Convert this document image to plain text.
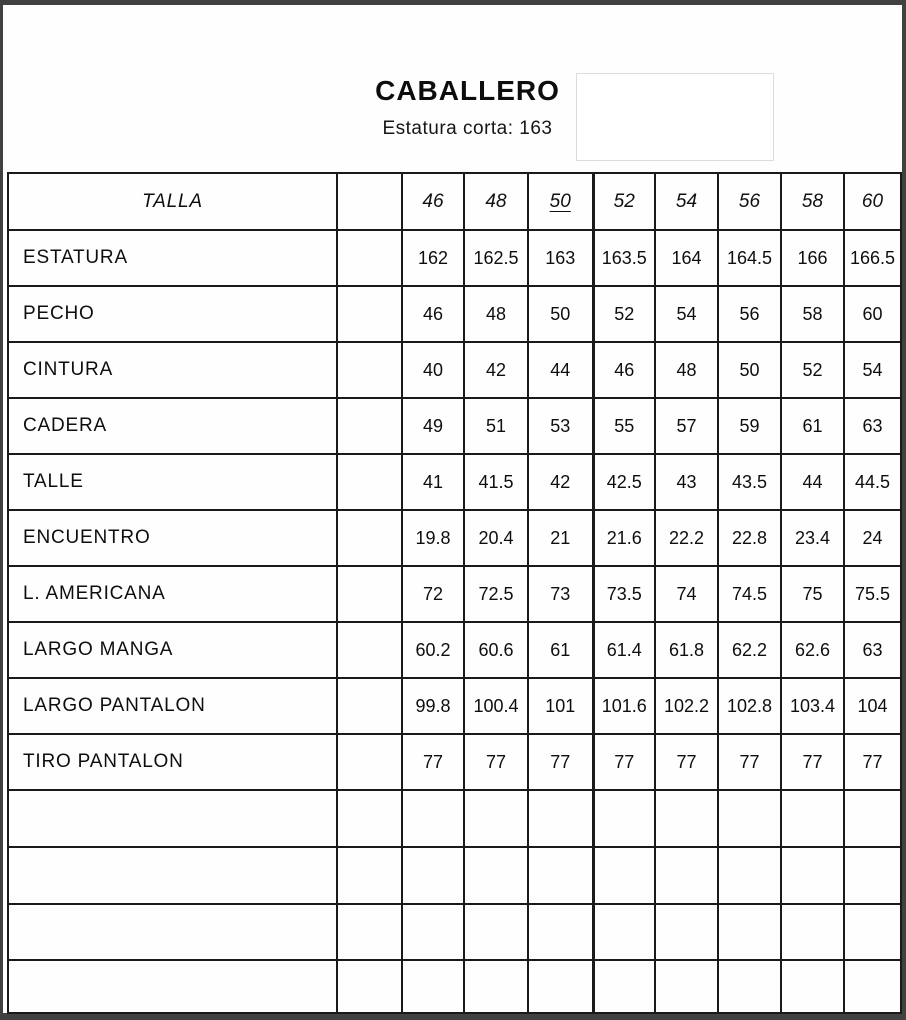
CABALLERO
Estatura corta: 163
TALLA		46	48	50	52	54	56	58	60
ESTATURA		162	162.5	163	163.5	164	164.5	166	166.5
PECHO		46	48	50	52	54	56	58	60
CINTURA		40	42	44	46	48	50	52	54
CADERA		49	51	53	55	57	59	61	63
TALLE		41	41.5	42	42.5	43	43.5	44	44.5
ENCUENTRO		19.8	20.4	21	21.6	22.2	22.8	23.4	24
L. AMERICANA		72	72.5	73	73.5	74	74.5	75	75.5
LARGO MANGA		60.2	60.6	61	61.4	61.8	62.2	62.6	63
LARGO PANTALON		99.8	100.4	101	101.6	102.2	102.8	103.4	104
TIRO PANTALON		77	77	77	77	77	77	77	77
